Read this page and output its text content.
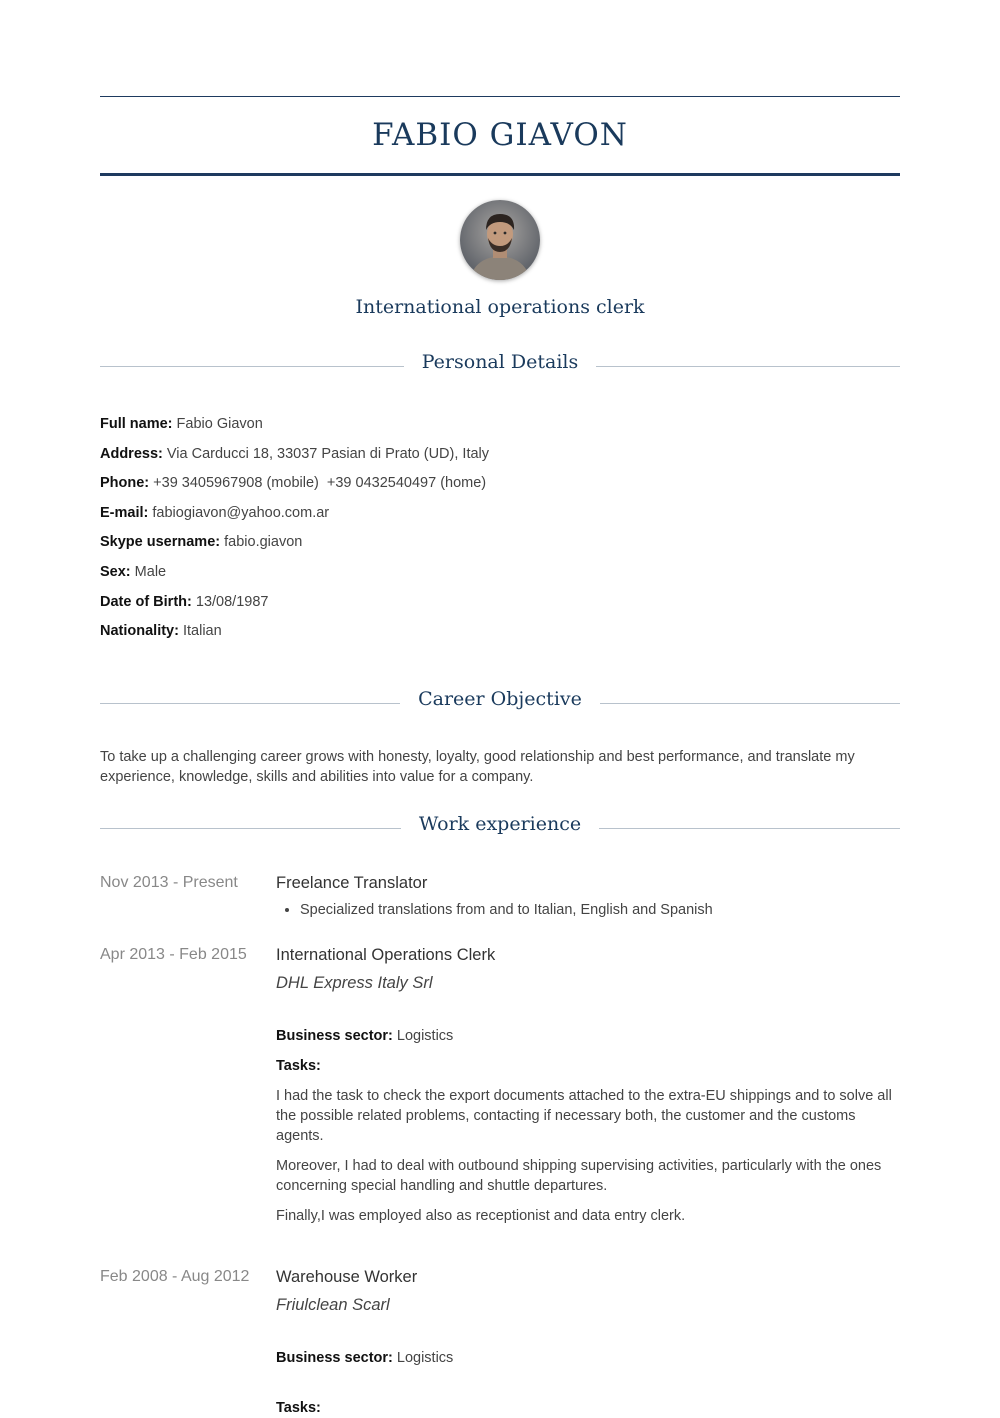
FABIO GIAVON
International operations clerk
Personal Details
Full name: Fabio Giavon
Address: Via Carducci 18, 33037 Pasian di Prato (UD), Italy
Phone: +39 3405967908 (mobile)  +39 0432540497 (home)
E-mail: fabiogiavon@yahoo.com.ar
Skype username: fabio.giavon
Sex: Male
Date of Birth: 13/08/1987
Nationality: Italian
Career Objective

To take up a challenging career grows with honesty, loyalty, good relationship and best performance, and translate my experience, knowledge, skills and abilities into value for a company.

Work experience
Nov 2013 - Present	Freelance Translator
• Specialized translations from and to Italian, English and Spanish
Apr 2013 - Feb 2015	International Operations Clerk
DHL Express Italy Srl
Business sector: Logistics
Tasks:

I had the task to check the export documents attached to the extra-EU shippings and to solve all the possible related problems, contacting if necessary both, the customer and the customs agents.

Moreover, I had to deal with outbound shipping supervising activities, particularly with the ones concerning special handling and shuttle departures.

Finally,I was employed also as receptionist and data entry clerk.

Feb 2008 - Aug 2012	Warehouse Worker
Friulclean Scarl
Business sector: Logistics
Tasks:
